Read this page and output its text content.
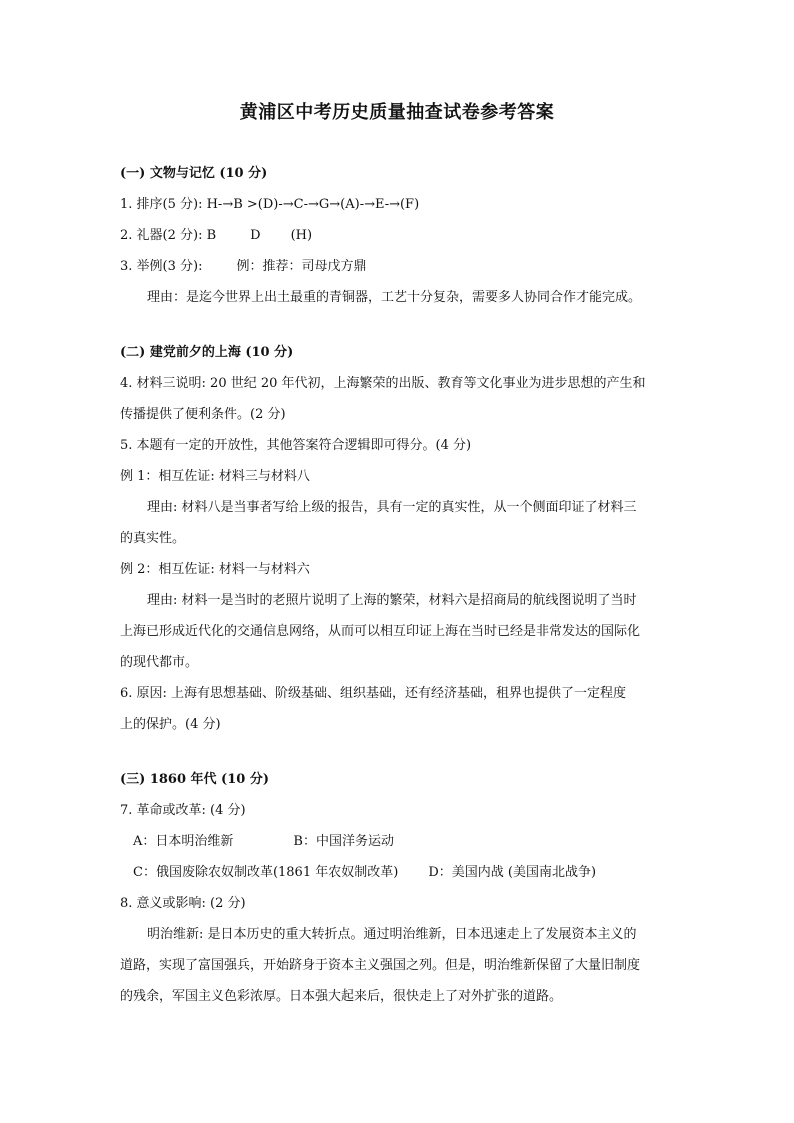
黄浦区中考历史质量抽查试卷参考答案
(一) 文物与记忆 (10 分)
1. 排序(5 分): H-→B >(D)-→C-→G→(A)-→E-→(F)
2. 礼器(2 分): B	D (H)
3. 举例(3 分):	例：推荐：司母戊方鼎
理由：是迄今世界上出土最重的青铜器，工艺十分复杂，需要多人协同合作才能完成。
(二) 建党前夕的上海 (10 分)
4. 材料三说明: 20 世纪 20 年代初，上海繁荣的出版、教育等文化事业为进步思想的产生和
传播提供了便利条件。(2 分)
5. 本题有一定的开放性，其他答案符合逻辑即可得分。(4 分)
例 1：相互佐证: 材料三与材料八
理由: 材料八是当事者写给上级的报告，具有一定的真实性，从一个侧面印证了材料三
的真实性。
例 2：相互佐证: 材料一与材料六
理由: 材料一是当时的老照片说明了上海的繁荣，材料六是招商局的航线图说明了当时
上海已形成近代化的交通信息网络，从而可以相互印证上海在当时已经是非常发达的国际化
的现代都市。
6. 原因: 上海有思想基础、阶级基础、组织基础，还有经济基础，租界也提供了一定程度
上的保护。(4 分)
(三) 1860 年代 (10 分)
7. 革命或改革: (4 分)
A：日本明治维新	B：中国洋务运动
C：俄国废除农奴制改革(1861 年农奴制改革) D：美国内战 (美国南北战争)
8. 意义或影响: (2 分)
明治维新: 是日本历史的重大转折点。通过明治维新，日本迅速走上了发展资本主义的
道路，实现了富国强兵，开始跻身于资本主义强国之列。但是，明治维新保留了大量旧制度
的残余，军国主义色彩浓厚。日本强大起来后，很快走上了对外扩张的道路。
